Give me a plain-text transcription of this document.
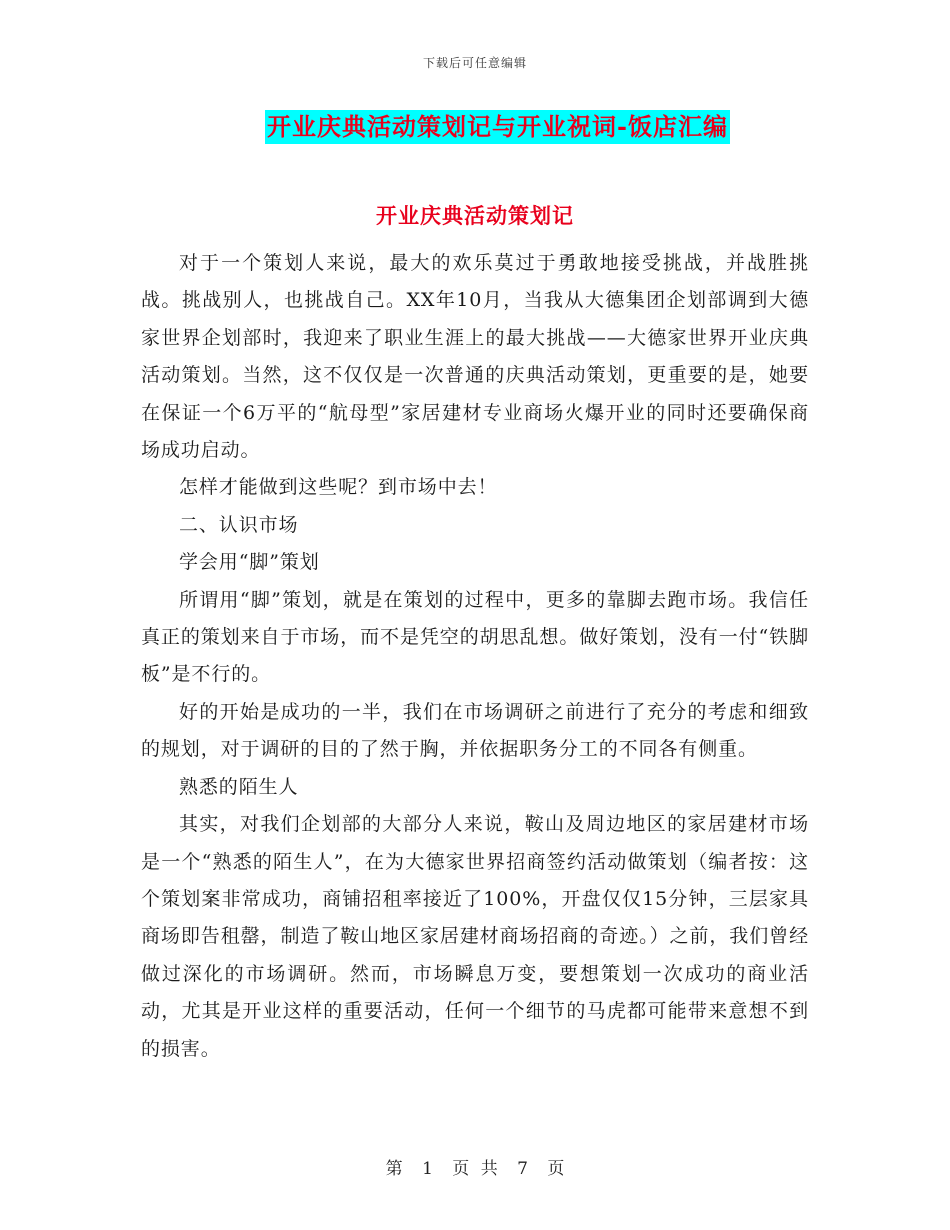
下载后可任意编辑
开业庆典活动策划记与开业祝词-饭店汇编
开业庆典活动策划记

对于一个策划人来说，最大的欢乐莫过于勇敢地接受挑战，并战胜挑战。挑战别人，也挑战自己。XX年10月，当我从大德集团企划部调到大德家世界企划部时，我迎来了职业生涯上的最大挑战——大德家世界开业庆典活动策划。当然，这不仅仅是一次普通的庆典活动策划，更重要的是，她要在保证一个6万平的“航母型”家居建材专业商场火爆开业的同时还要确保商场成功启动。

怎样才能做到这些呢？到市场中去！

二、认识市场

学会用“脚”策划

所谓用“脚”策划，就是在策划的过程中，更多的靠脚去跑市场。我信任真正的策划来自于市场，而不是凭空的胡思乱想。做好策划，没有一付“铁脚板”是不行的。

好的开始是成功的一半，我们在市场调研之前进行了充分的考虑和细致的规划，对于调研的目的了然于胸，并依据职务分工的不同各有侧重。

熟悉的陌生人

其实，对我们企划部的大部分人来说，鞍山及周边地区的家居建材市场是一个“熟悉的陌生人”，在为大德家世界招商签约活动做策划（编者按：这个策划案非常成功，商铺招租率接近了100%，开盘仅仅15分钟，三层家具商场即告租罄，制造了鞍山地区家居建材商场招商的奇迹。）之前，我们曾经做过深化的市场调研。然而，市场瞬息万变，要想策划一次成功的商业活动，尤其是开业这样的重要活动，任何一个细节的马虎都可能带来意想不到的损害。

第 1 页 共 7 页
